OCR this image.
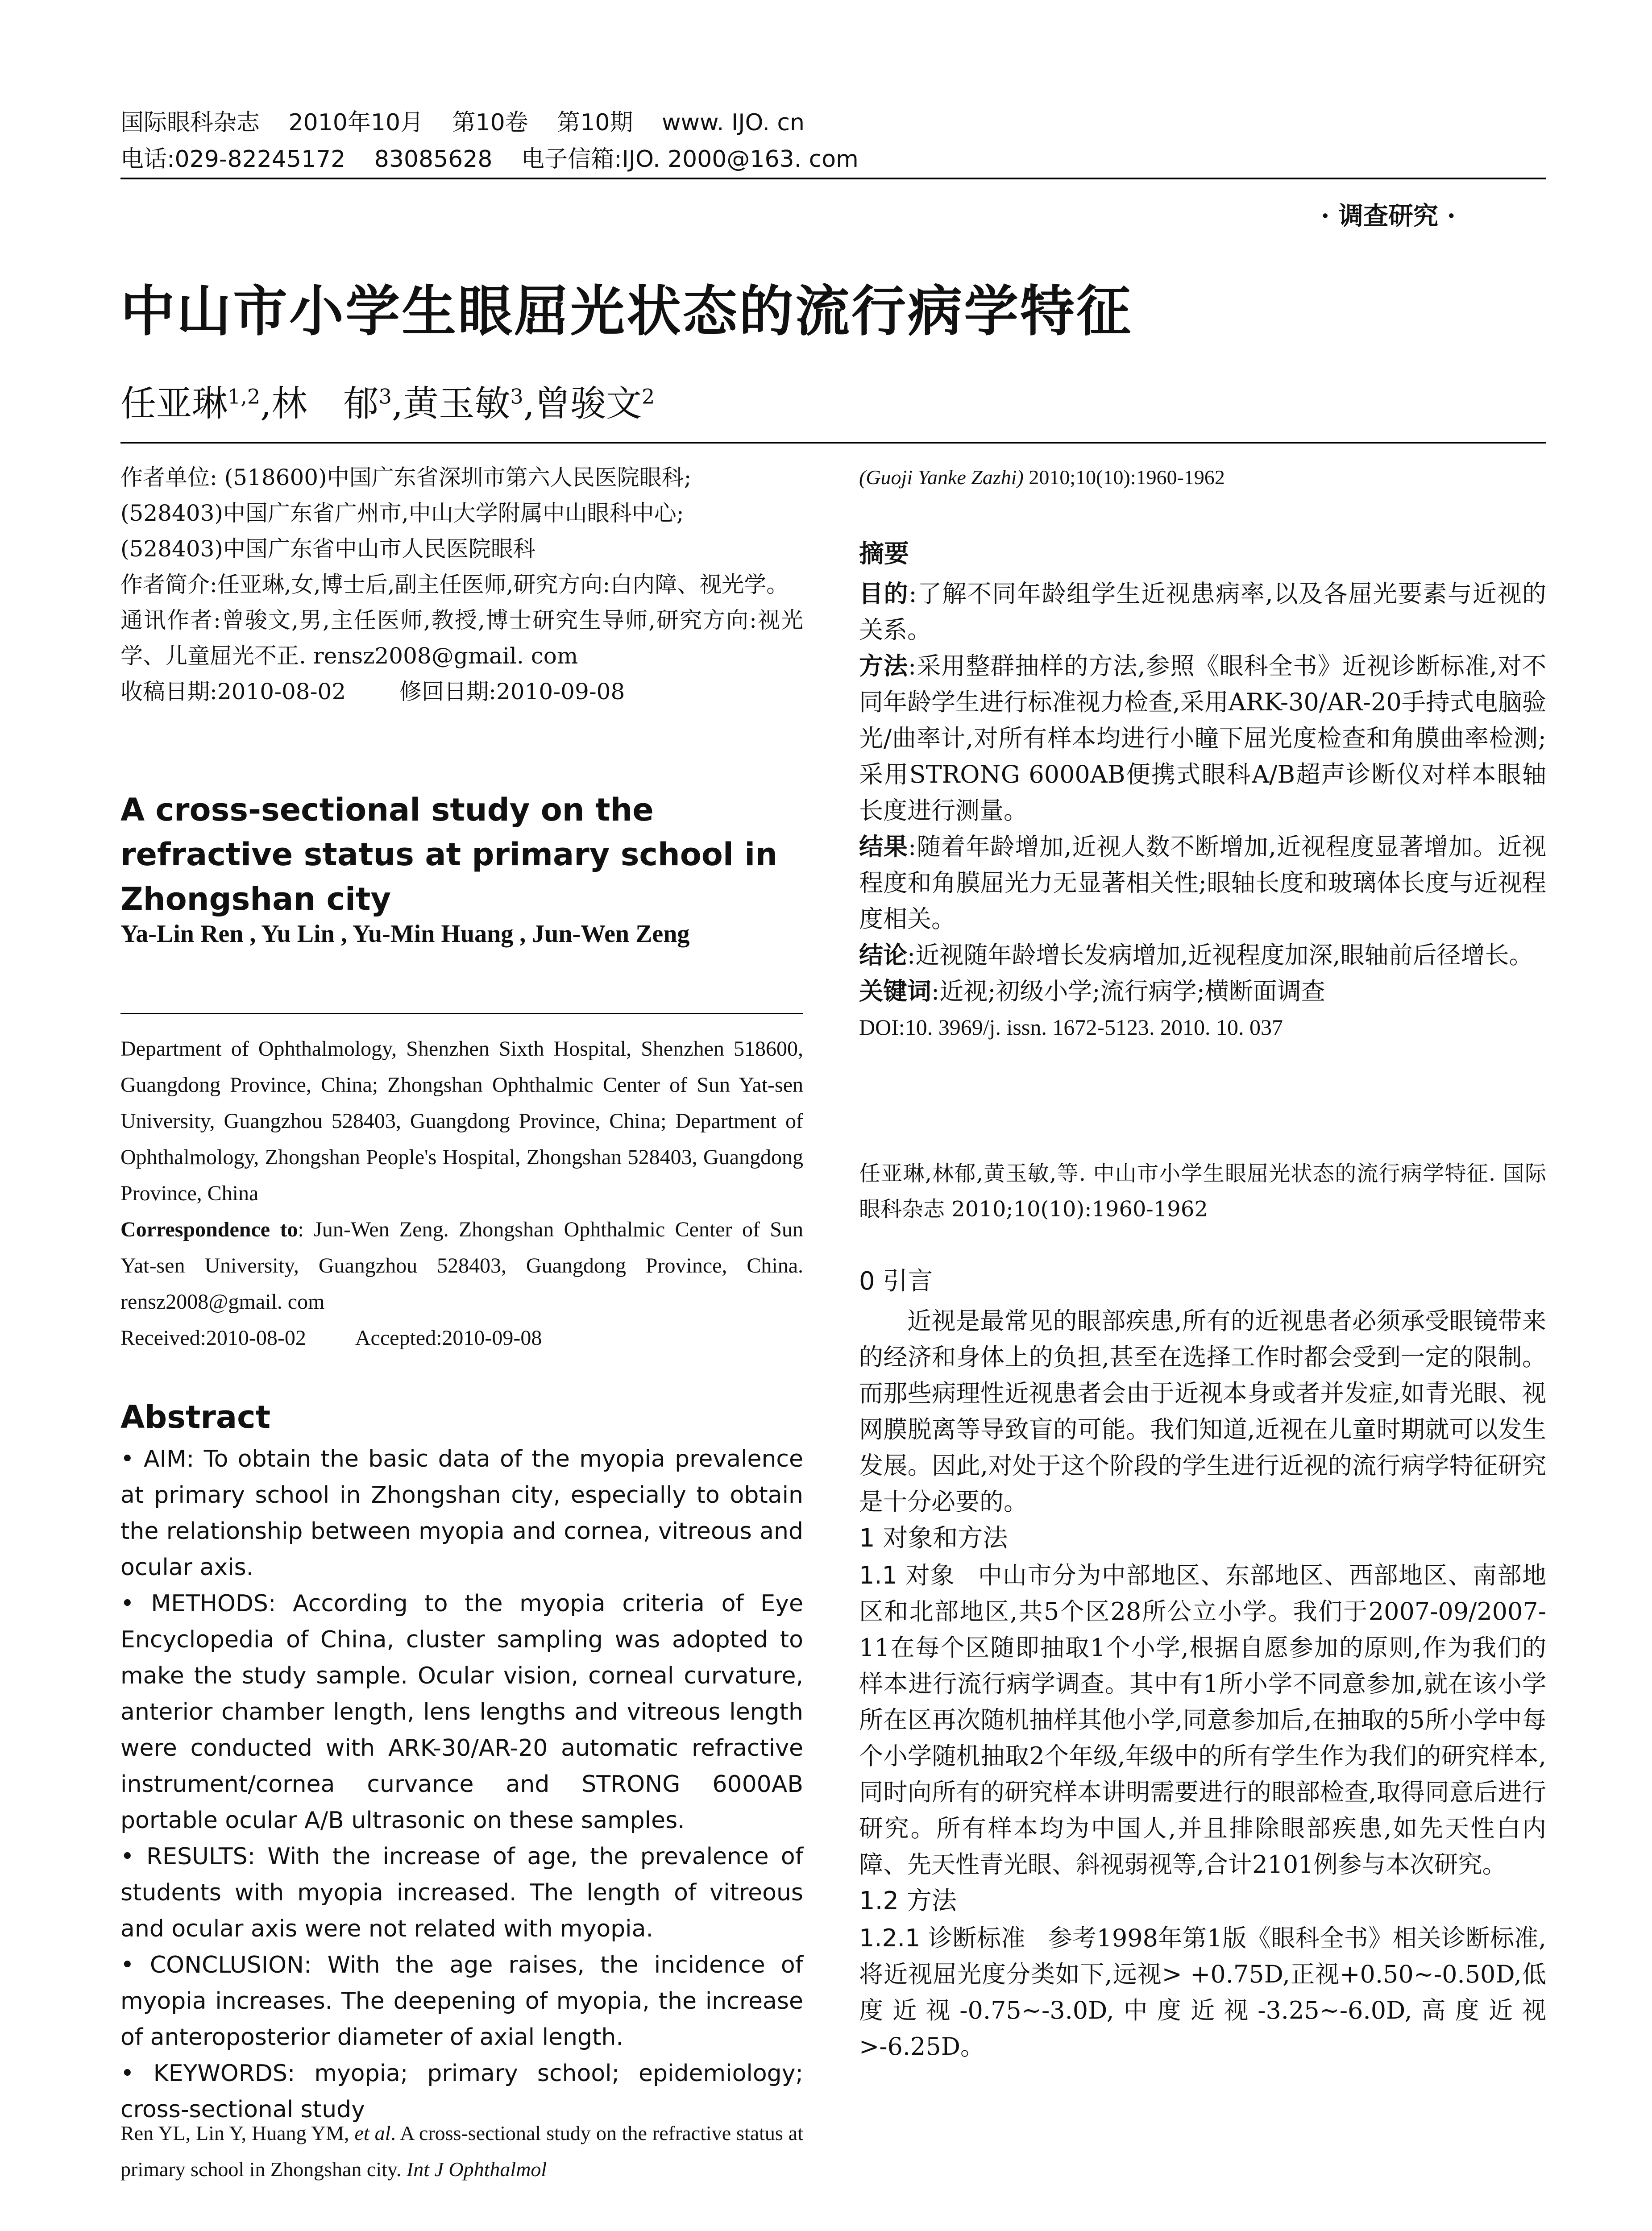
国际眼科杂志 2010年10月 第10卷 第10期 www. IJO. cn
电话:029-82245172 83085628 电子信箱:IJO. 2000@163. com
· 调查研究 ·
中山市小学生眼屈光状态的流行病学特征
任亚琳$^{1,2}$,林　郁$^3$,黄玉敏$^3$,曾骏文$^2$

作者单位: (518600)中国广东省深圳市第六人民医院眼科;

(528403)中国广东省广州市,中山大学附属中山眼科中心;

(528403)中国广东省中山市人民医院眼科

作者简介:任亚琳,女,博士后,副主任医师,研究方向:白内障、视光学。

通讯作者:曾骏文,男,主任医师,教授,博士研究生导师,研究方向:视光学、儿童屈光不正. rensz2008@gmail. com

收稿日期:2010-08-02 修回日期:2010-09-08

A cross-sectional study on the refractive status at primary school in Zhongshan city
Ya-Lin Ren , Yu Lin , Yu-Min Huang , Jun-Wen Zeng

Department of Ophthalmology, Shenzhen Sixth Hospital, Shenzhen 518600, Guangdong Province, China; Zhongshan Ophthalmic Center of Sun Yat-sen University, Guangzhou 528403, Guangdong Province, China; Department of Ophthalmology, Zhongshan People's Hospital, Zhongshan 528403, Guangdong Province, China

Correspondence to: Jun-Wen Zeng. Zhongshan Ophthalmic Center of Sun Yat-sen University, Guangzhou 528403, Guangdong Province, China. rensz2008@gmail. com

Received:2010-08-02 Accepted:2010-09-08

Abstract

• AIM: To obtain the basic data of the myopia prevalence at primary school in Zhongshan city, especially to obtain the relationship between myopia and cornea, vitreous and ocular axis.

• METHODS: According to the myopia criteria of Eye Encyclopedia of China, cluster sampling was adopted to make the study sample. Ocular vision, corneal curvature, anterior chamber length, lens lengths and vitreous length were conducted with ARK-30/AR-20 automatic refractive instrument/cornea curvance and STRONG 6000AB portable ocular A/B ultrasonic on these samples.

• RESULTS: With the increase of age, the prevalence of students with myopia increased. The length of vitreous and ocular axis were not related with myopia.

• CONCLUSION: With the age raises, the incidence of myopia increases. The deepening of myopia, the increase of anteroposterior diameter of axial length.

• KEYWORDS: myopia; primary school; epidemiology; cross-sectional study

Ren YL, Lin Y, Huang YM, et al. A cross-sectional study on the refractive status at primary school in Zhongshan city. Int J Ophthalmol

(Guoji Yanke Zazhi) 2010;10(10):1960-1962
摘要

目的:了解不同年龄组学生近视患病率,以及各屈光要素与近视的关系。

方法:采用整群抽样的方法,参照《眼科全书》近视诊断标准,对不同年龄学生进行标准视力检查,采用ARK-30/AR-20手持式电脑验光/曲率计,对所有样本均进行小瞳下屈光度检查和角膜曲率检测;采用STRONG 6000AB便携式眼科A/B超声诊断仪对样本眼轴长度进行测量。

结果:随着年龄增加,近视人数不断增加,近视程度显著增加。近视程度和角膜屈光力无显著相关性;眼轴长度和玻璃体长度与近视程度相关。

结论:近视随年龄增长发病增加,近视程度加深,眼轴前后径增长。

关键词:近视;初级小学;流行病学;横断面调查

DOI:10. 3969/j. issn. 1672-5123. 2010. 10. 037

任亚琳,林郁,黄玉敏,等. 中山市小学生眼屈光状态的流行病学特征. 国际眼科杂志 2010;10(10):1960-1962

0 引言

近视是最常见的眼部疾患,所有的近视患者必须承受眼镜带来的经济和身体上的负担,甚至在选择工作时都会受到一定的限制。而那些病理性近视患者会由于近视本身或者并发症,如青光眼、视网膜脱离等导致盲的可能。我们知道,近视在儿童时期就可以发生发展。因此,对处于这个阶段的学生进行近视的流行病学特征研究是十分必要的。

1 对象和方法

1.1 对象 中山市分为中部地区、东部地区、西部地区、南部地区和北部地区,共5个区28所公立小学。我们于2007-09/2007-11在每个区随即抽取1个小学,根据自愿参加的原则,作为我们的样本进行流行病学调查。其中有1所小学不同意参加,就在该小学所在区再次随机抽样其他小学,同意参加后,在抽取的5所小学中每个小学随机抽取2个年级,年级中的所有学生作为我们的研究样本,同时向所有的研究样本讲明需要进行的眼部检查,取得同意后进行研究。所有样本均为中国人,并且排除眼部疾患,如先天性白内障、先天性青光眼、斜视弱视等,合计2101例参与本次研究。

1.2 方法

1.2.1 诊断标准 参考1998年第1版《眼科全书》相关诊断标准,将近视屈光度分类如下,远视> +0.75D,正视+0.50~-0.50D,低度近视-0.75~-3.0D,中度近视-3.25~-6.0D,高度近视>-6.25D。
